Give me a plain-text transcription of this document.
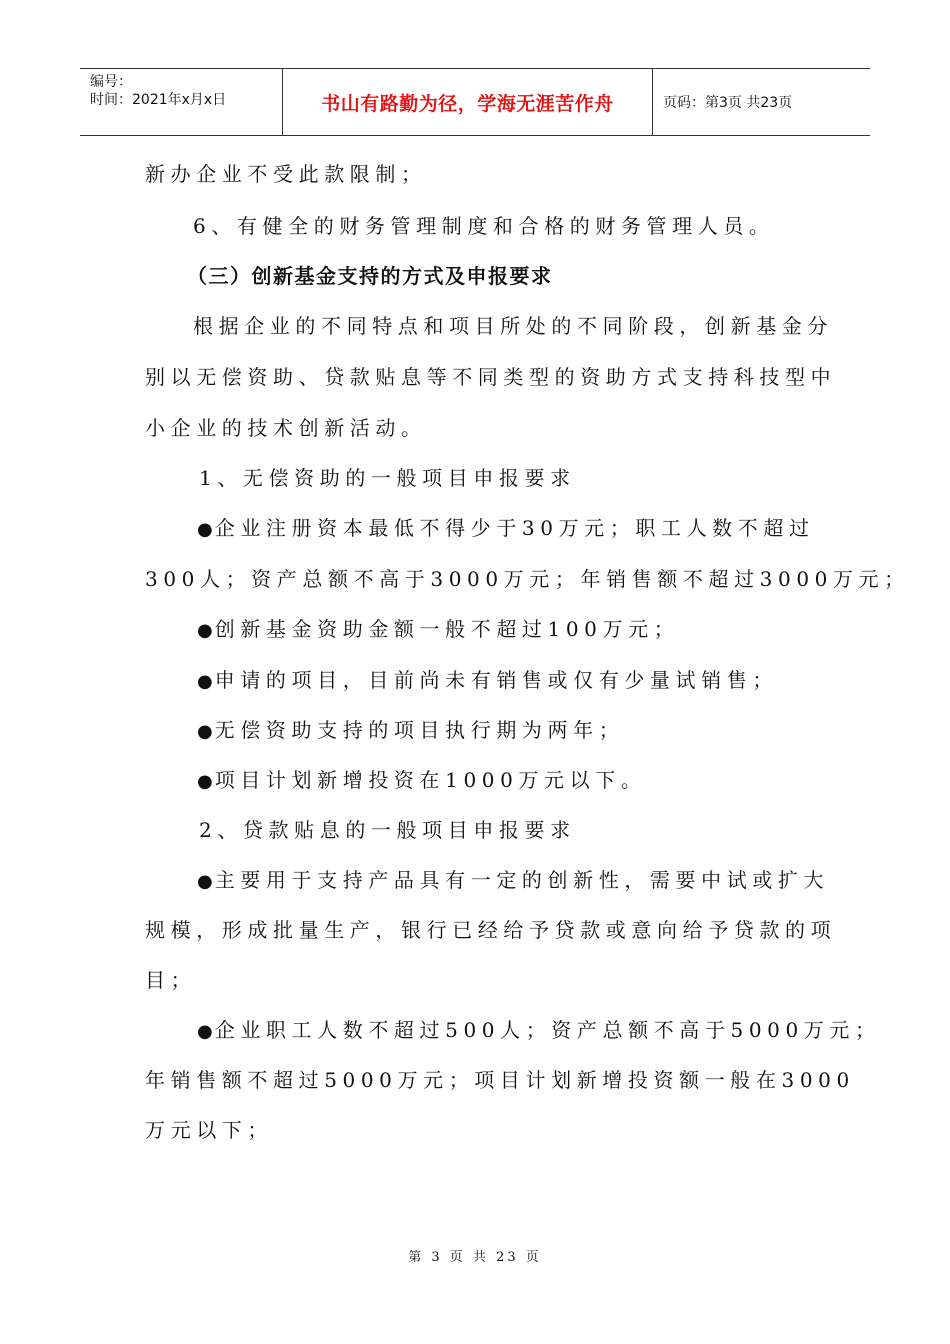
编号：
时间：2021年x月x日	书山有路勤为径，学海无涯苦作舟	页码：第3页 共23页
新办企业不受此款限制；
6、有健全的财务管理制度和合格的财务管理人员。
（三）创新基金支持的方式及申报要求
根据企业的不同特点和项目所处的不同阶段，创新基金分
别以无偿资助、贷款贴息等不同类型的资助方式支持科技型中
小企业的技术创新活动。
1、无偿资助的一般项目申报要求
● 企业注册资本最低不得少于30万元；职工人数不超过
300人；资产总额不高于3000万元；年销售额不超过3000万元；
● 创新基金资助金额一般不超过100万元；
● 申请的项目，目前尚未有销售或仅有少量试销售；
● 无偿资助支持的项目执行期为两年；
● 项目计划新增投资在1000万元以下。
2、贷款贴息的一般项目申报要求
● 主要用于支持产品具有一定的创新性，需要中试或扩大
规模，形成批量生产，银行已经给予贷款或意向给予贷款的项
目；
● 企业职工人数不超过500人；资产总额不高于5000万元；
年销售额不超过5000万元；项目计划新增投资额一般在3000
万元以下；
第 3 页 共 23 页
